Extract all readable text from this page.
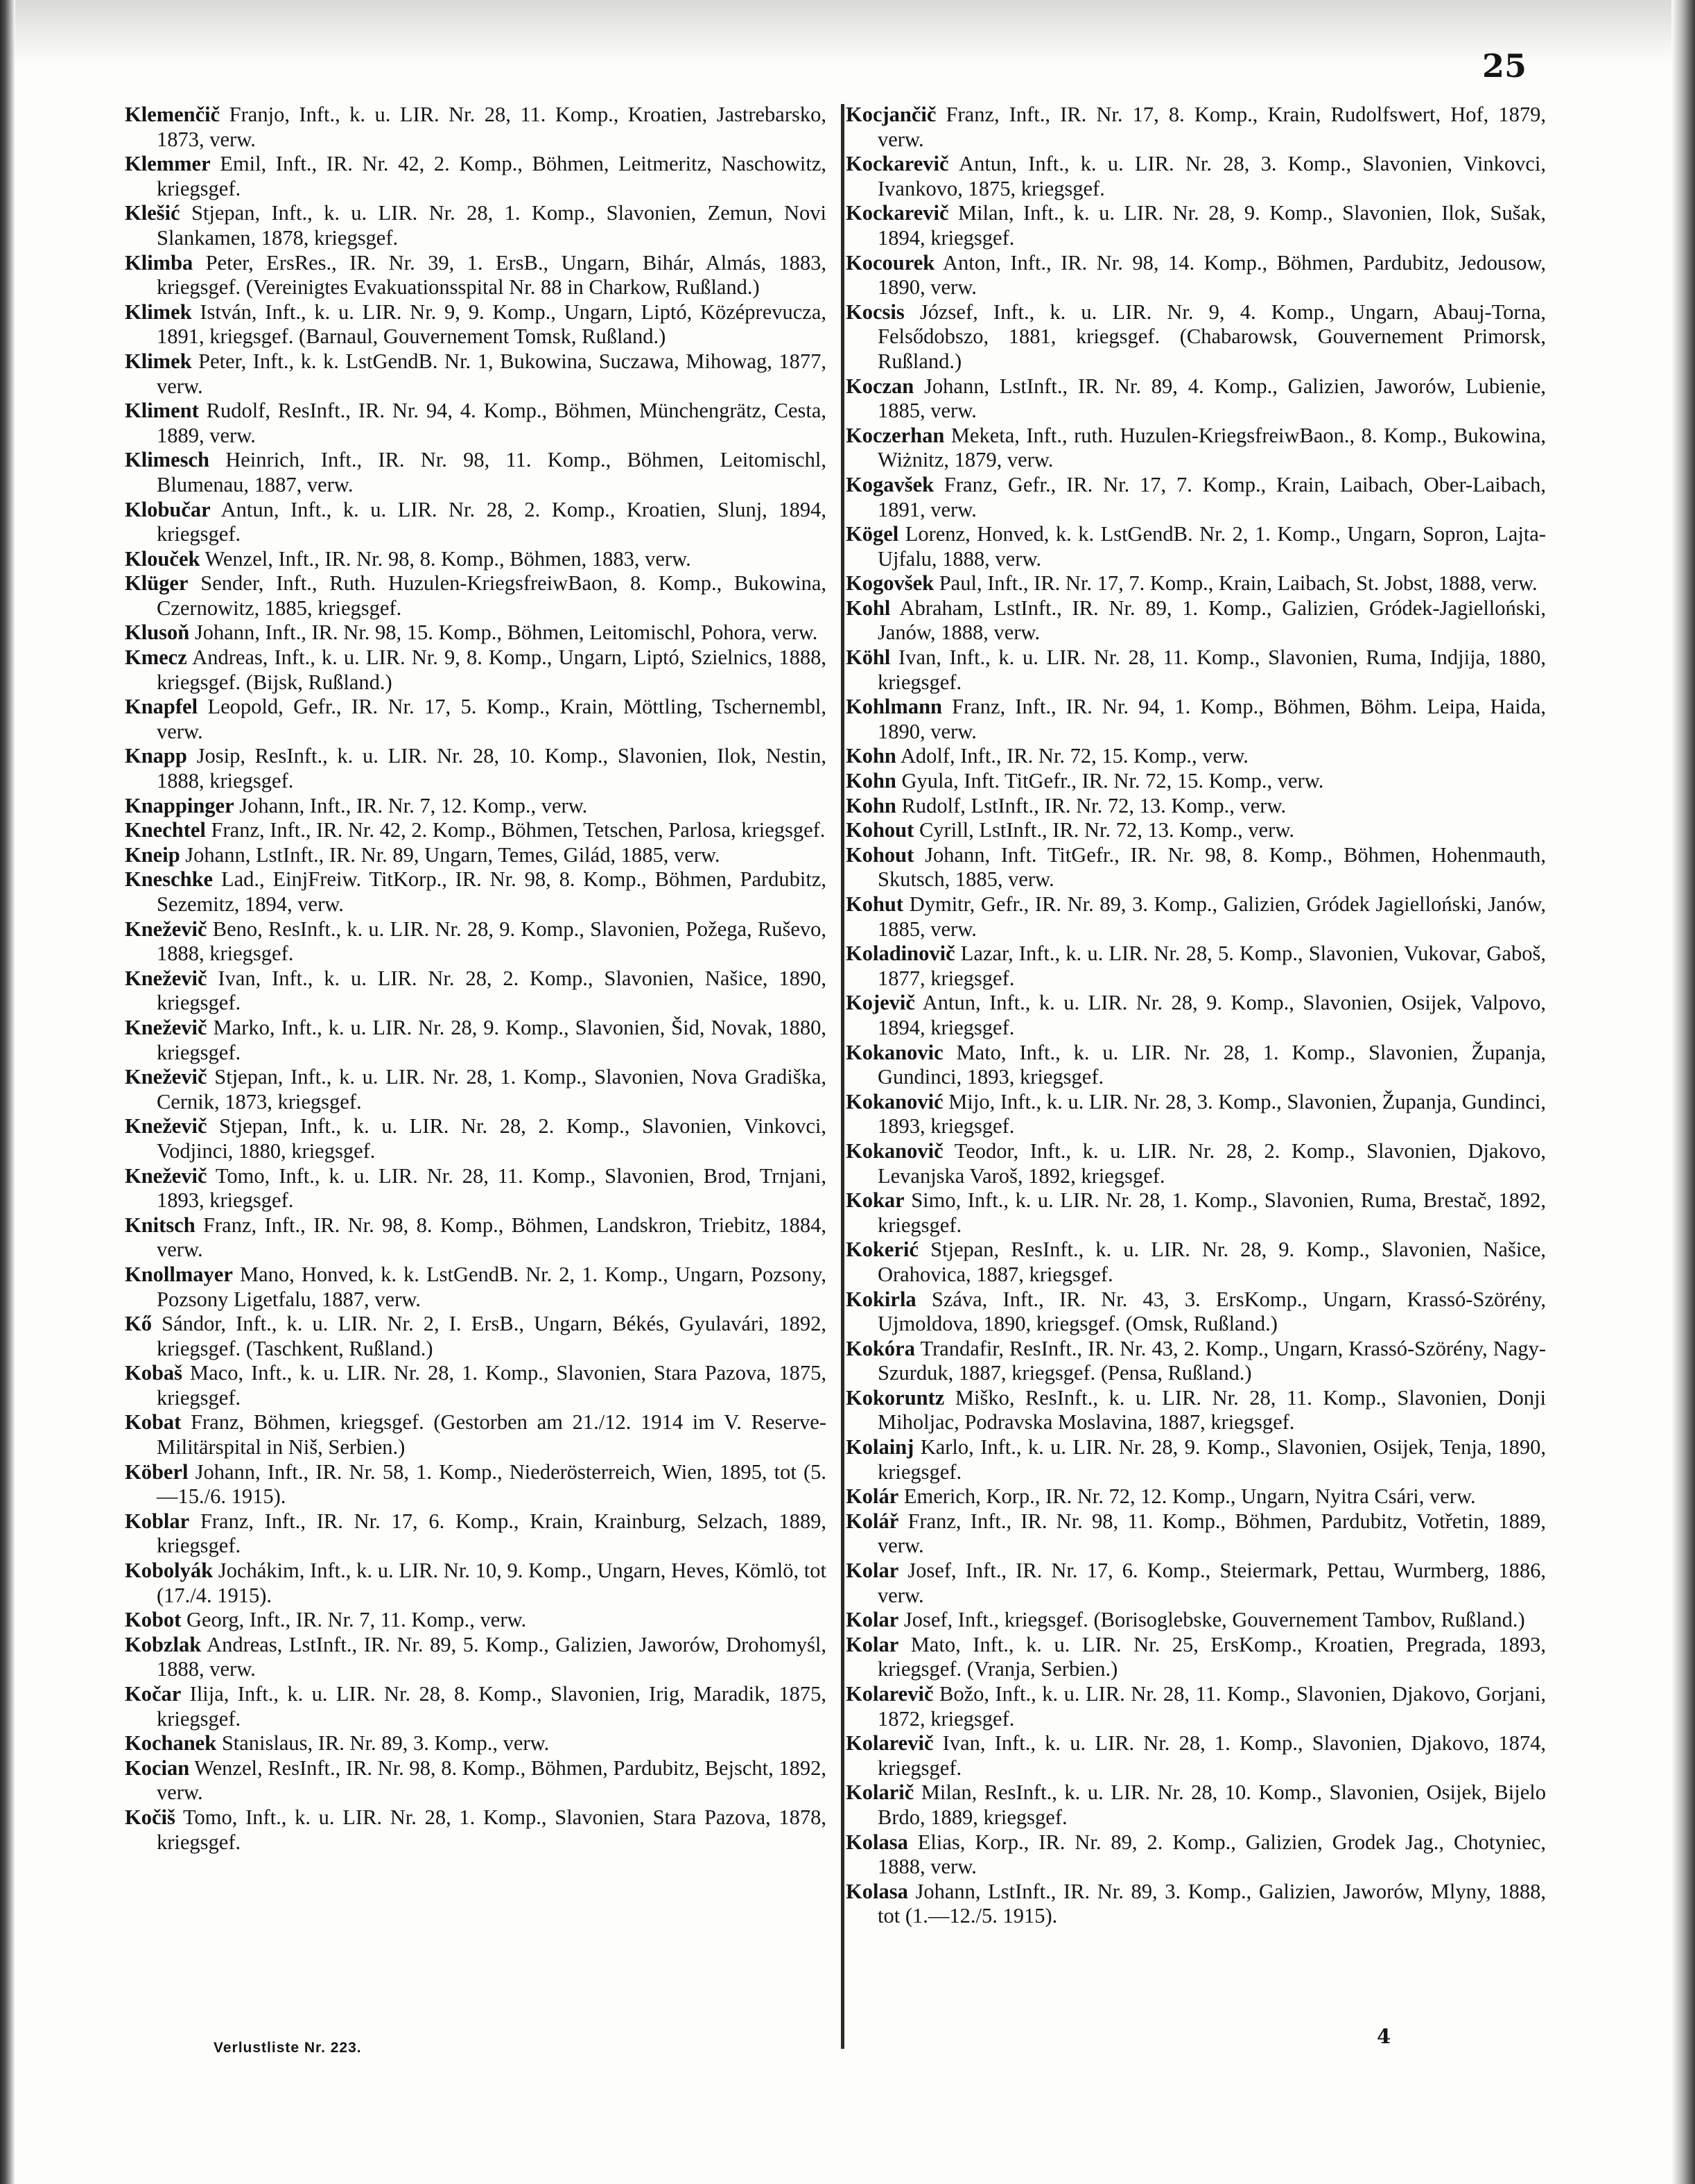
25

Klemenčič Franjo, Inft., k. u. LIR. Nr. 28, 11. Komp., Kroatien, Jastrebarsko, 1873, verw.

Klemmer Emil, Inft., IR. Nr. 42, 2. Komp., Böhmen, Leitmeritz, Naschowitz, kriegsgef.

Klešić Stjepan, Inft., k. u. LIR. Nr. 28, 1. Komp., Slavonien, Zemun, Novi Slankamen, 1878, kriegsgef.

Klimba Peter, ErsRes., IR. Nr. 39, 1. ErsB., Ungarn, Bihár, Almás, 1883, kriegsgef. (Vereinigtes Evakuationsspital Nr. 88 in Charkow, Rußland.)

Klimek István, Inft., k. u. LIR. Nr. 9, 9. Komp., Ungarn, Liptó, Középrevucza, 1891, kriegsgef. (Barnaul, Gouvernement Tomsk, Rußland.)

Klimek Peter, Inft., k. k. LstGendB. Nr. 1, Bukowina, Suczawa, Mihowag, 1877, verw.

Kliment Rudolf, ResInft., IR. Nr. 94, 4. Komp., Böhmen, Münchengrätz, Cesta, 1889, verw.

Klimesch Heinrich, Inft., IR. Nr. 98, 11. Komp., Böhmen, Leitomischl, Blumenau, 1887, verw.

Klobučar Antun, Inft., k. u. LIR. Nr. 28, 2. Komp., Kroatien, Slunj, 1894, kriegsgef.

Klouček Wenzel, Inft., IR. Nr. 98, 8. Komp., Böhmen, 1883, verw.

Klüger Sender, Inft., Ruth. Huzulen-KriegsfreiwBaon, 8. Komp., Bukowina, Czernowitz, 1885, kriegsgef.

Klusoň Johann, Inft., IR. Nr. 98, 15. Komp., Böhmen, Leitomischl, Pohora, verw.

Kmecz Andreas, Inft., k. u. LIR. Nr. 9, 8. Komp., Ungarn, Liptó, Szielnics, 1888, kriegsgef. (Bijsk, Rußland.)

Knapfel Leopold, Gefr., IR. Nr. 17, 5. Komp., Krain, Möttling, Tschernembl, verw.

Knapp Josip, ResInft., k. u. LIR. Nr. 28, 10. Komp., Slavonien, Ilok, Nestin, 1888, kriegsgef.

Knappinger Johann, Inft., IR. Nr. 7, 12. Komp., verw.

Knechtel Franz, Inft., IR. Nr. 42, 2. Komp., Böhmen, Tetschen, Parlosa, kriegsgef.

Kneip Johann, LstInft., IR. Nr. 89, Ungarn, Temes, Gilád, 1885, verw.

Kneschke Lad., EinjFreiw. TitKorp., IR. Nr. 98, 8. Komp., Böhmen, Pardubitz, Sezemitz, 1894, verw.

Kneževič Beno, ResInft., k. u. LIR. Nr. 28, 9. Komp., Slavonien, Požega, Ruševo, 1888, kriegsgef.

Kneževič Ivan, Inft., k. u. LIR. Nr. 28, 2. Komp., Slavonien, Našice, 1890, kriegsgef.

Kneževič Marko, Inft., k. u. LIR. Nr. 28, 9. Komp., Slavonien, Šid, Novak, 1880, kriegsgef.

Kneževič Stjepan, Inft., k. u. LIR. Nr. 28, 1. Komp., Slavonien, Nova Gradiška, Cernik, 1873, kriegsgef.

Kneževič Stjepan, Inft., k. u. LIR. Nr. 28, 2. Komp., Slavonien, Vinkovci, Vodjinci, 1880, kriegsgef.

Kneževič Tomo, Inft., k. u. LIR. Nr. 28, 11. Komp., Slavonien, Brod, Trnjani, 1893, kriegsgef.

Knitsch Franz, Inft., IR. Nr. 98, 8. Komp., Böhmen, Landskron, Triebitz, 1884, verw.

Knollmayer Mano, Honved, k. k. LstGendB. Nr. 2, 1. Komp., Ungarn, Pozsony, Pozsony Ligetfalu, 1887, verw.

Kő Sándor, Inft., k. u. LIR. Nr. 2, I. ErsB., Ungarn, Békés, Gyulavári, 1892, kriegsgef. (Taschkent, Rußland.)

Kobaš Maco, Inft., k. u. LIR. Nr. 28, 1. Komp., Slavonien, Stara Pazova, 1875, kriegsgef.

Kobat Franz, Böhmen, kriegsgef. (Gestorben am 21./12. 1914 im V. Reserve-Militärspital in Niš, Serbien.)

Köberl Johann, Inft., IR. Nr. 58, 1. Komp., Niederösterreich, Wien, 1895, tot (5.—15./6. 1915).

Koblar Franz, Inft., IR. Nr. 17, 6. Komp., Krain, Krainburg, Selzach, 1889, kriegsgef.

Kobolyák Jochákim, Inft., k. u. LIR. Nr. 10, 9. Komp., Ungarn, Heves, Kömlö, tot (17./4. 1915).

Kobot Georg, Inft., IR. Nr. 7, 11. Komp., verw.

Kobzlak Andreas, LstInft., IR. Nr. 89, 5. Komp., Galizien, Jaworów, Drohomyśl, 1888, verw.

Kočar Ilija, Inft., k. u. LIR. Nr. 28, 8. Komp., Slavonien, Irig, Maradik, 1875, kriegsgef.

Kochanek Stanislaus, IR. Nr. 89, 3. Komp., verw.

Kocian Wenzel, ResInft., IR. Nr. 98, 8. Komp., Böhmen, Pardubitz, Bejscht, 1892, verw.

Kočiš Tomo, Inft., k. u. LIR. Nr. 28, 1. Komp., Slavonien, Stara Pazova, 1878, kriegsgef.

Kocjančič Franz, Inft., IR. Nr. 17, 8. Komp., Krain, Rudolfswert, Hof, 1879, verw.

Kockarevič Antun, Inft., k. u. LIR. Nr. 28, 3. Komp., Slavonien, Vinkovci, Ivankovo, 1875, kriegsgef.

Kockarevič Milan, Inft., k. u. LIR. Nr. 28, 9. Komp., Slavonien, Ilok, Sušak, 1894, kriegsgef.

Kocourek Anton, Inft., IR. Nr. 98, 14. Komp., Böhmen, Pardubitz, Jedousow, 1890, verw.

Kocsis József, Inft., k. u. LIR. Nr. 9, 4. Komp., Ungarn, Abauj-Torna, Felsődobszo, 1881, kriegsgef. (Chabarowsk, Gouvernement Primorsk, Rußland.)

Koczan Johann, LstInft., IR. Nr. 89, 4. Komp., Galizien, Jaworów, Lubienie, 1885, verw.

Koczerhan Meketa, Inft., ruth. Huzulen-KriegsfreiwBaon., 8. Komp., Bukowina, Wiżnitz, 1879, verw.

Kogavšek Franz, Gefr., IR. Nr. 17, 7. Komp., Krain, Laibach, Ober-Laibach, 1891, verw.

Kögel Lorenz, Honved, k. k. LstGendB. Nr. 2, 1. Komp., Ungarn, Sopron, Lajta-Ujfalu, 1888, verw.

Kogovšek Paul, Inft., IR. Nr. 17, 7. Komp., Krain, Laibach, St. Jobst, 1888, verw.

Kohl Abraham, LstInft., IR. Nr. 89, 1. Komp., Galizien, Gródek-Jagielloński, Janów, 1888, verw.

Köhl Ivan, Inft., k. u. LIR. Nr. 28, 11. Komp., Slavonien, Ruma, Indjija, 1880, kriegsgef.

Kohlmann Franz, Inft., IR. Nr. 94, 1. Komp., Böhmen, Böhm. Leipa, Haida, 1890, verw.

Kohn Adolf, Inft., IR. Nr. 72, 15. Komp., verw.

Kohn Gyula, Inft. TitGefr., IR. Nr. 72, 15. Komp., verw.

Kohn Rudolf, LstInft., IR. Nr. 72, 13. Komp., verw.

Kohout Cyrill, LstInft., IR. Nr. 72, 13. Komp., verw.

Kohout Johann, Inft. TitGefr., IR. Nr. 98, 8. Komp., Böhmen, Hohenmauth, Skutsch, 1885, verw.

Kohut Dymitr, Gefr., IR. Nr. 89, 3. Komp., Galizien, Gródek Jagielloński, Janów, 1885, verw.

Koladinovič Lazar, Inft., k. u. LIR. Nr. 28, 5. Komp., Slavonien, Vukovar, Gaboš, 1877, kriegsgef.

Kojevič Antun, Inft., k. u. LIR. Nr. 28, 9. Komp., Slavonien, Osijek, Valpovo, 1894, kriegsgef.

Kokanovic Mato, Inft., k. u. LIR. Nr. 28, 1. Komp., Slavonien, Županja, Gundinci, 1893, kriegsgef.

Kokanović Mijo, Inft., k. u. LIR. Nr. 28, 3. Komp., Slavonien, Županja, Gundinci, 1893, kriegsgef.

Kokanovič Teodor, Inft., k. u. LIR. Nr. 28, 2. Komp., Slavonien, Djakovo, Levanjska Varoš, 1892, kriegsgef.

Kokar Simo, Inft., k. u. LIR. Nr. 28, 1. Komp., Slavonien, Ruma, Brestač, 1892, kriegsgef.

Kokerić Stjepan, ResInft., k. u. LIR. Nr. 28, 9. Komp., Slavonien, Našice, Orahovica, 1887, kriegsgef.

Kokirla Száva, Inft., IR. Nr. 43, 3. ErsKomp., Ungarn, Krassó-Szörény, Ujmoldova, 1890, kriegsgef. (Omsk, Rußland.)

Kokóra Trandafir, ResInft., IR. Nr. 43, 2. Komp., Ungarn, Krassó-Szörény, Nagy-Szurduk, 1887, kriegsgef. (Pensa, Rußland.)

Kokoruntz Miško, ResInft., k. u. LIR. Nr. 28, 11. Komp., Slavonien, Donji Miholjac, Podravska Moslavina, 1887, kriegsgef.

Kolainj Karlo, Inft., k. u. LIR. Nr. 28, 9. Komp., Slavonien, Osijek, Tenja, 1890, kriegsgef.

Kolár Emerich, Korp., IR. Nr. 72, 12. Komp., Ungarn, Nyitra Csári, verw.

Kolář Franz, Inft., IR. Nr. 98, 11. Komp., Böhmen, Pardubitz, Votřetin, 1889, verw.

Kolar Josef, Inft., IR. Nr. 17, 6. Komp., Steiermark, Pettau, Wurmberg, 1886, verw.

Kolar Josef, Inft., kriegsgef. (Borisoglebske, Gouvernement Tambov, Rußland.)

Kolar Mato, Inft., k. u. LIR. Nr. 25, ErsKomp., Kroatien, Pregrada, 1893, kriegsgef. (Vranja, Serbien.)

Kolarevič Božo, Inft., k. u. LIR. Nr. 28, 11. Komp., Slavonien, Djakovo, Gorjani, 1872, kriegsgef.

Kolarevič Ivan, Inft., k. u. LIR. Nr. 28, 1. Komp., Slavonien, Djakovo, 1874, kriegsgef.

Kolarič Milan, ResInft., k. u. LIR. Nr. 28, 10. Komp., Slavonien, Osijek, Bijelo Brdo, 1889, kriegsgef.

Kolasa Elias, Korp., IR. Nr. 89, 2. Komp., Galizien, Grodek Jag., Chotyniec, 1888, verw.

Kolasa Johann, LstInft., IR. Nr. 89, 3. Komp., Galizien, Jaworów, Mlyny, 1888, tot (1.—12./5. 1915).

Verlustliste Nr. 223.	4
